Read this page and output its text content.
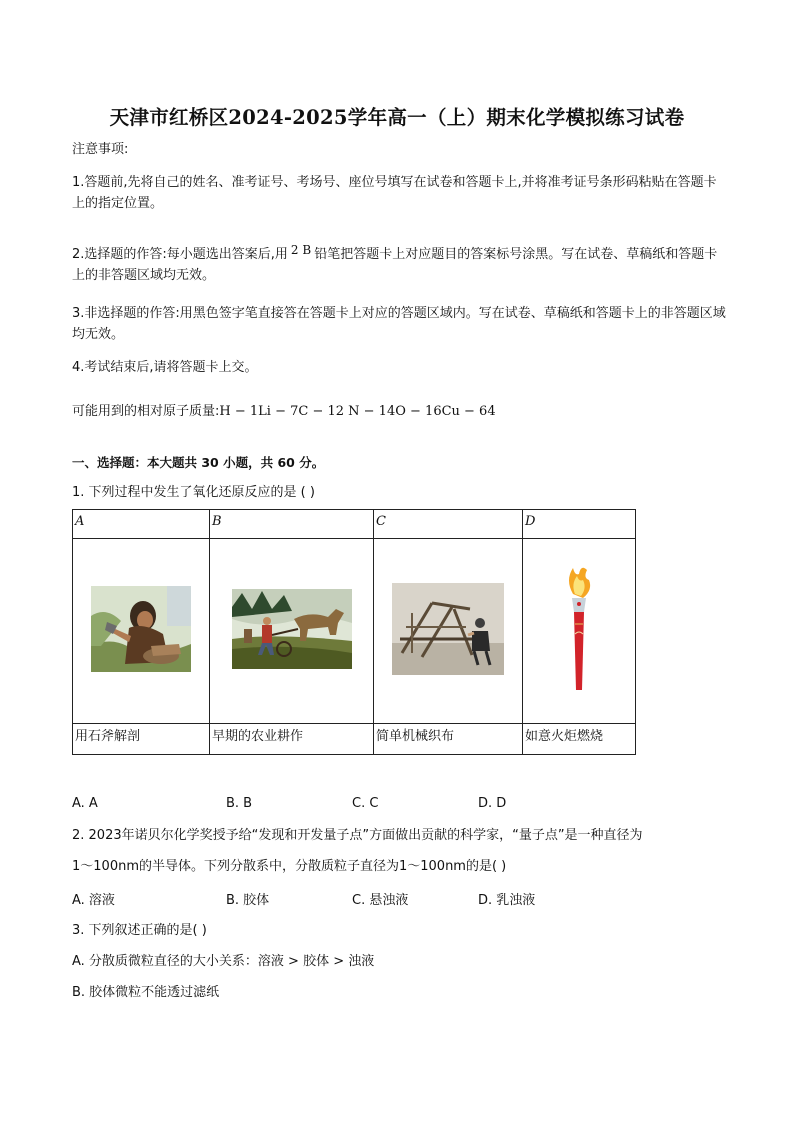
天津市红桥区2024-2025学年高一（上）期末化学模拟练习试卷
注意事项:
1.答题前,先将自己的姓名、准考证号、考场号、座位号填写在试卷和答题卡上,并将准考证号条形码粘贴在答题卡上的指定位置。
2.选择题的作答:每小题选出答案后,用 $^{2 B}$ 铅笔把答题卡上对应题目的答案标号涂黑。写在试卷、草稿纸和答题卡上的非答题区域均无效。
3.非选择题的作答:用黑色签字笔直接答在答题卡上对应的答题区域内。写在试卷、草稿纸和答题卡上的非答题区域均无效。
4.考试结束后,请将答题卡上交。
可能用到的相对原子质量:H − 1Li − 7C − 12 N − 14O − 16Cu − 64
一、选择题：本大题共 30 小题，共 60 分。
1. 下列过程中发生了氧化还原反应的是 ( )
A	B	C	D

用石斧解剖	早期的农业耕作	简单机械织布	如意火炬燃烧
A. A	B. B	C. C	D. D
2. 2023年诺贝尔化学奖授予给“发现和开发量子点”方面做出贡献的科学家，“量子点”是一种直径为
1～100nm的半导体。下列分散系中，分散质粒子直径为1～100nm的是( )
A. 溶液	B. 胶体	C. 悬浊液	D. 乳浊液
3. 下列叙述正确的是( )
A. 分散质微粒直径的大小关系：溶液 > 胶体 > 浊液
B. 胶体微粒不能透过滤纸
